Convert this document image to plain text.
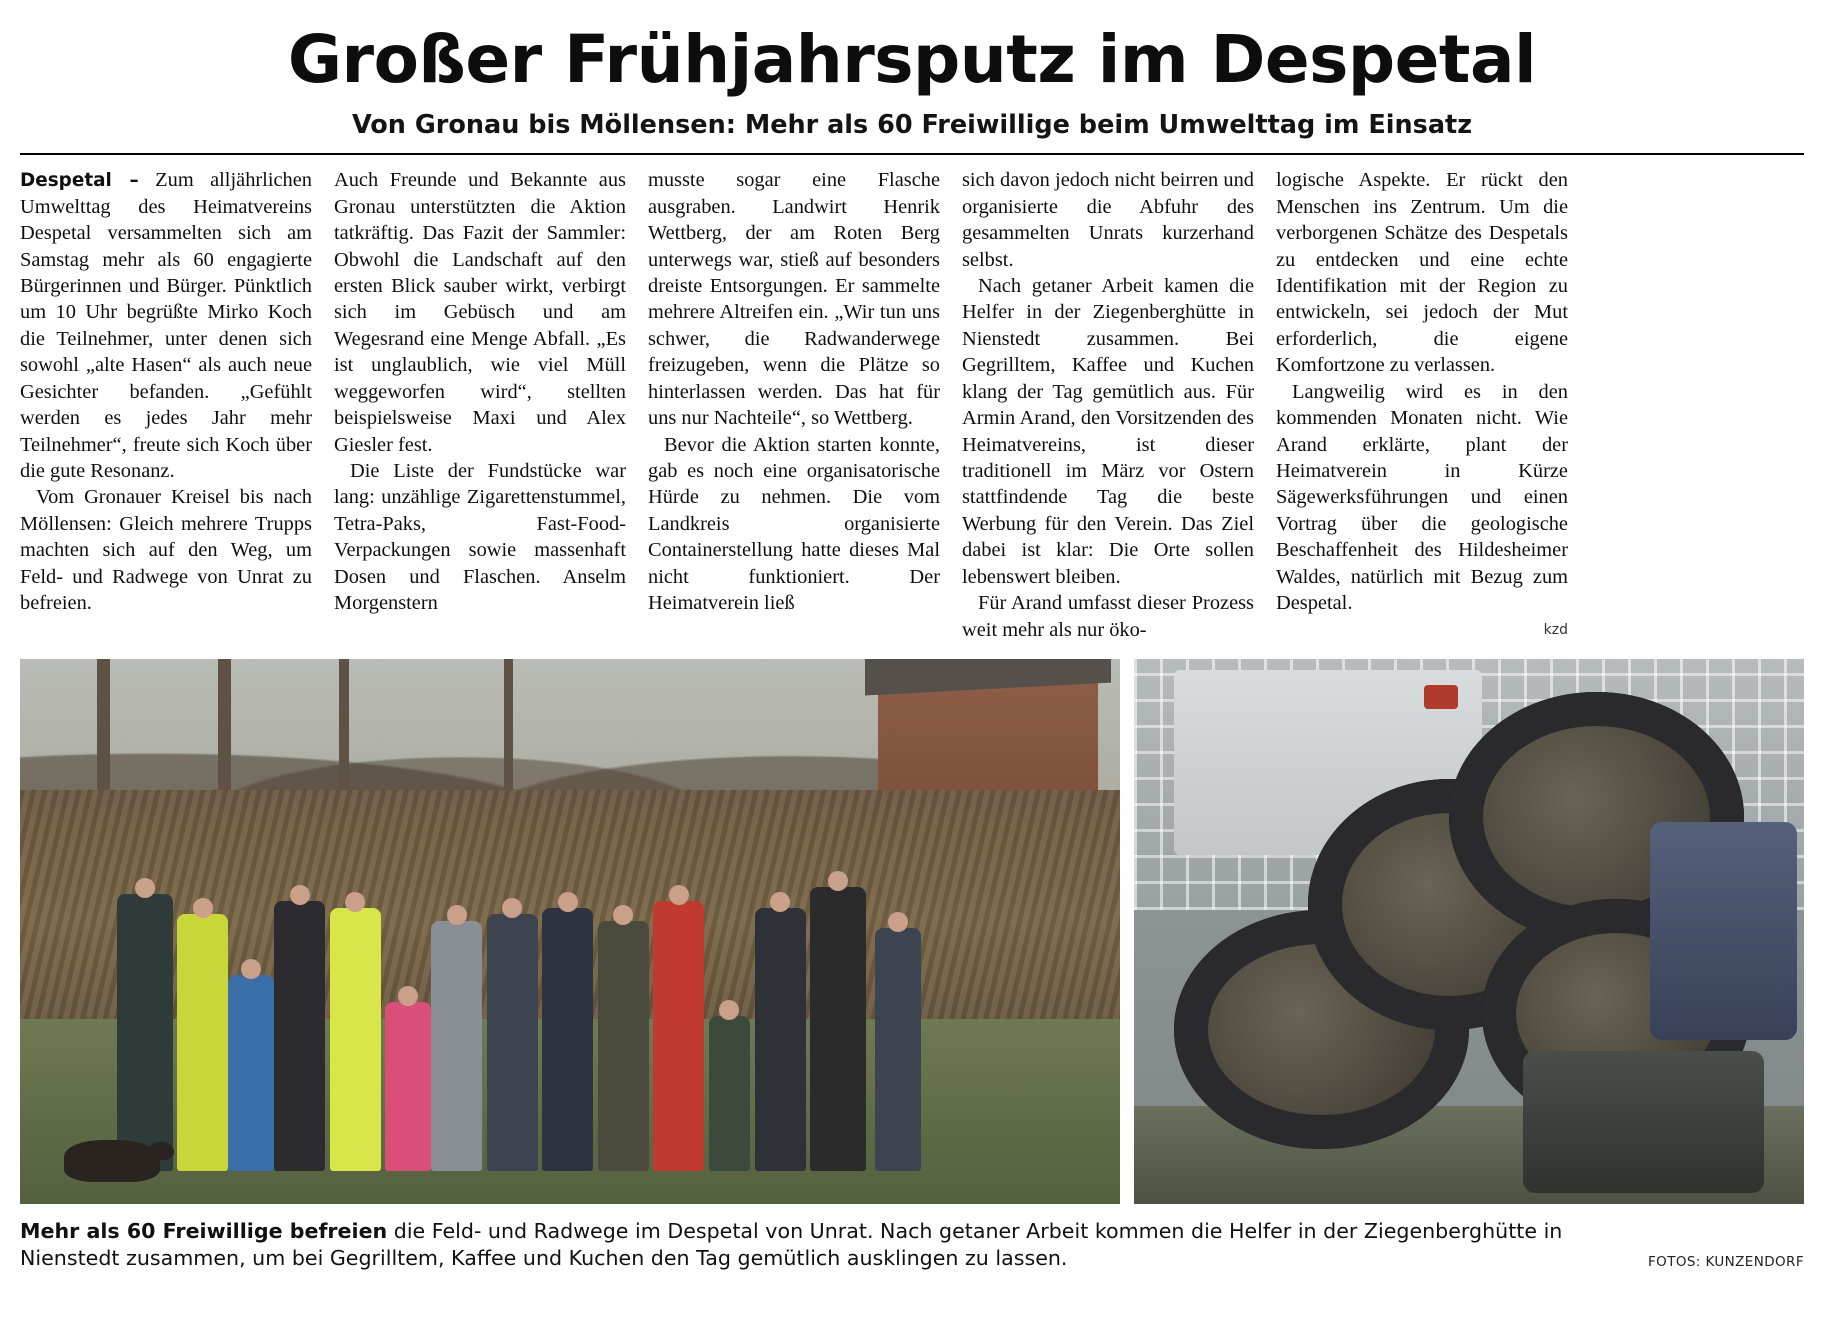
Großer Frühjahrsputz im Despetal
Von Gronau bis Möllensen: Mehr als 60 Freiwillige beim Umwelttag im Einsatz

Despetal – Zum alljährlichen Umwelttag des Heimatvereins Despetal versammelten sich am Samstag mehr als 60 engagierte Bürgerinnen und Bürger. Pünktlich um 10 Uhr begrüßte Mirko Koch die Teilnehmer, unter denen sich sowohl „alte Hasen“ als auch neue Gesichter befanden. „Gefühlt werden es jedes Jahr mehr Teilnehmer“, freute sich Koch über die gute Resonanz.

Vom Gronauer Kreisel bis nach Möllensen: Gleich mehrere Trupps machten sich auf den Weg, um Feld- und Radwege von Unrat zu befreien.

Auch Freunde und Bekannte aus Gronau unterstützten die Aktion tatkräftig. Das Fazit der Sammler: Obwohl die Landschaft auf den ersten Blick sauber wirkt, verbirgt sich im Gebüsch und am Wegesrand eine Menge Abfall. „Es ist unglaublich, wie viel Müll weggeworfen wird“, stellten beispielsweise Maxi und Alex Giesler fest.

Die Liste der Fundstücke war lang: unzählige Zigarettenstummel, Tetra-Paks, Fast-Food-Verpackungen sowie massenhaft Dosen und Flaschen. Anselm Morgenstern

musste sogar eine Flasche ausgraben. Landwirt Henrik Wettberg, der am Roten Berg unterwegs war, stieß auf besonders dreiste Entsorgungen. Er sammelte mehrere Altreifen ein. „Wir tun uns schwer, die Radwanderwege freizugeben, wenn die Plätze so hinterlassen werden. Das hat für uns nur Nachteile“, so Wettberg.

Bevor die Aktion starten konnte, gab es noch eine organisatorische Hürde zu nehmen. Die vom Landkreis organisierte Containerstellung hatte dieses Mal nicht funktioniert. Der Heimatverein ließ

sich davon jedoch nicht beirren und organisierte die Abfuhr des gesammelten Unrats kurzerhand selbst.

Nach getaner Arbeit kamen die Helfer in der Ziegenberghütte in Nienstedt zusammen. Bei Gegrilltem, Kaffee und Kuchen klang der Tag gemütlich aus. Für Armin Arand, den Vorsitzenden des Heimatvereins, ist dieser traditionell im März vor Ostern stattfindende Tag die beste Werbung für den Verein. Das Ziel dabei ist klar: Die Orte sollen lebenswert bleiben.

Für Arand umfasst dieser Prozess weit mehr als nur öko-

logische Aspekte. Er rückt den Menschen ins Zentrum. Um die verborgenen Schätze des Despetals zu entdecken und eine echte Identifikation mit der Region zu entwickeln, sei jedoch der Mut erforderlich, die eigene Komfortzone zu verlassen.

Langweilig wird es in den kommenden Monaten nicht. Wie Arand erklärte, plant der Heimatverein in Kürze Sägewerksführungen und einen Vortrag über die geologische Beschaffenheit des Hildesheimer Waldes, natürlich mit Bezug zum Despetal.

kzd
Mehr als 60 Freiwillige befreien die Feld- und Radwege im Despetal von Unrat. Nach getaner Arbeit kommen die Helfer in der Ziegenberghütte in Nienstedt zusammen, um bei Gegrilltem, Kaffee und Kuchen den Tag gemütlich ausklingen zu lassen.	FOTOS: KUNZENDORF
